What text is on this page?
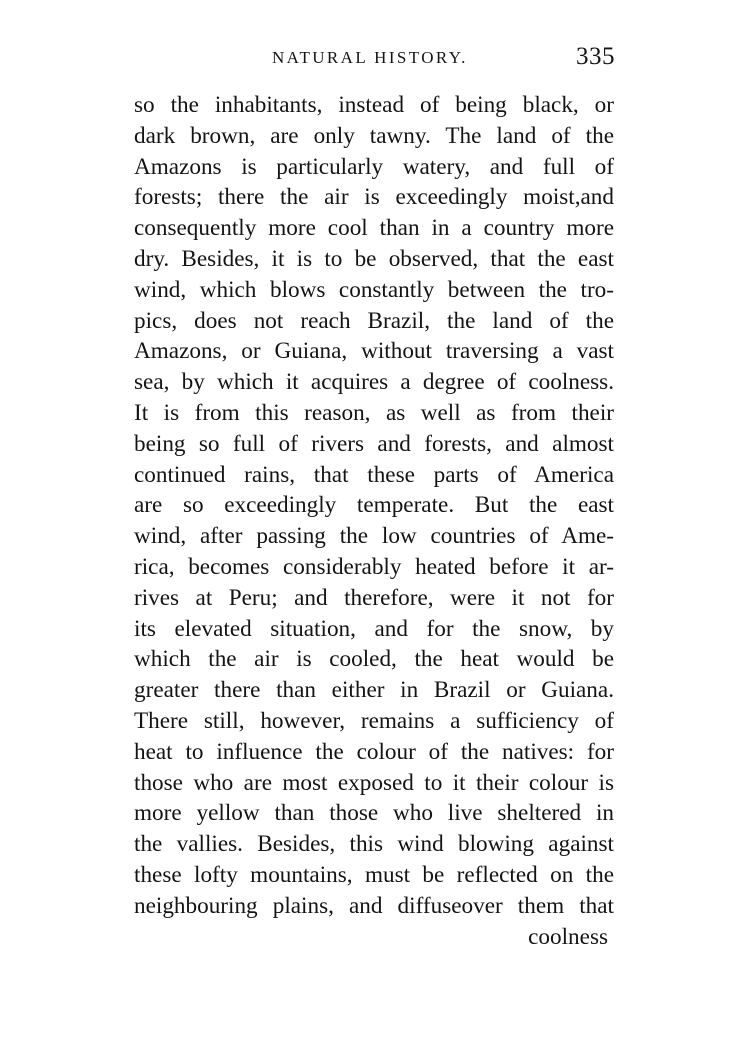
NATURAL HISTORY.	335
so the inhabitants, instead of being black, or
dark brown, are only tawny. The land of the
Amazons is particularly watery, and full of
forests; there the air is exceedingly moist,and
consequently more cool than in a country more
dry. Besides, it is to be observed, that the east
wind, which blows constantly between the tro-
pics, does not reach Brazil, the land of the
Amazons, or Guiana, without traversing a vast
sea, by which it acquires a degree of coolness.
It is from this reason, as well as from their
being so full of rivers and forests, and almost
continued rains, that these parts of America
are so exceedingly temperate. But the east
wind, after passing the low countries of Ame-
rica, becomes considerably heated before it ar-
rives at Peru; and therefore, were it not for
its elevated situation, and for the snow, by
which the air is cooled, the heat would be
greater there than either in Brazil or Guiana.
There still, however, remains a sufficiency of
heat to influence the colour of the natives: for
those who are most exposed to it their colour is
more yellow than those who live sheltered in
the vallies. Besides, this wind blowing against
these lofty mountains, must be reflected on the
neighbouring plains, and diffuseover them that
coolness
